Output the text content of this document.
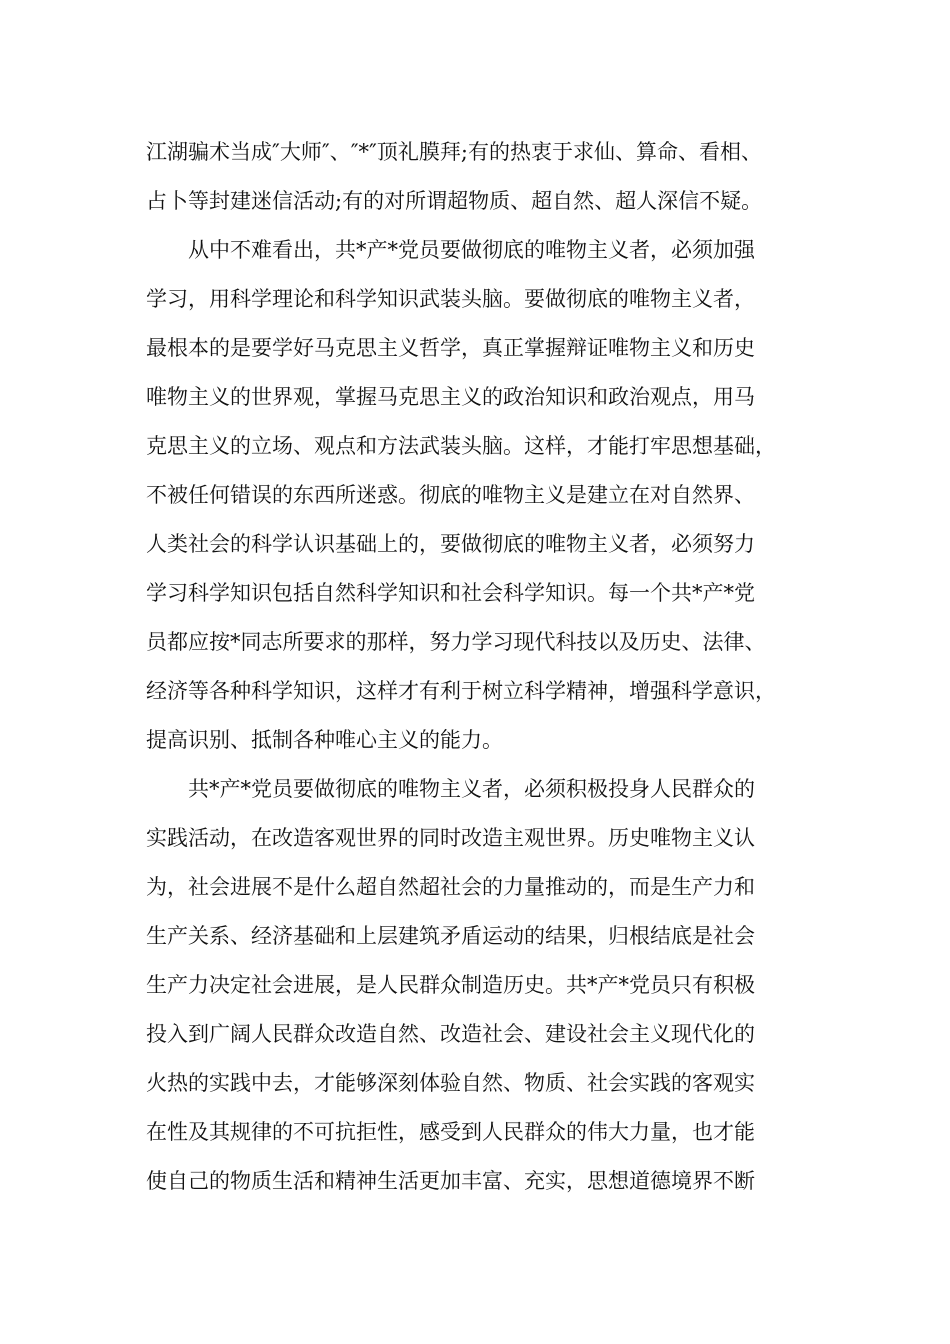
江湖骗术当成″大师″、″*″顶礼膜拜;有的热衷于求仙、算命、看相、
占卜等封建迷信活动;有的对所谓超物质、超自然、超人深信不疑。
　　从中不难看出，共*产*党员要做彻底的唯物主义者，必须加强
学习，用科学理论和科学知识武装头脑。要做彻底的唯物主义者，
最根本的是要学好马克思主义哲学，真正掌握辩证唯物主义和历史
唯物主义的世界观，掌握马克思主义的政治知识和政治观点，用马
克思主义的立场、观点和方法武装头脑。这样，才能打牢思想基础，
不被任何错误的东西所迷惑。彻底的唯物主义是建立在对自然界、
人类社会的科学认识基础上的，要做彻底的唯物主义者，必须努力
学习科学知识包括自然科学知识和社会科学知识。每一个共*产*党
员都应按*同志所要求的那样，努力学习现代科技以及历史、法律、
经济等各种科学知识，这样才有利于树立科学精神，增强科学意识，
提高识别、抵制各种唯心主义的能力。
　　共*产*党员要做彻底的唯物主义者，必须积极投身人民群众的
实践活动，在改造客观世界的同时改造主观世界。历史唯物主义认
为，社会进展不是什么超自然超社会的力量推动的，而是生产力和
生产关系、经济基础和上层建筑矛盾运动的结果，归根结底是社会
生产力决定社会进展，是人民群众制造历史。共*产*党员只有积极
投入到广阔人民群众改造自然、改造社会、建设社会主义现代化的
火热的实践中去，才能够深刻体验自然、物质、社会实践的客观实
在性及其规律的不可抗拒性，感受到人民群众的伟大力量，也才能
使自己的物质生活和精神生活更加丰富、充实，思想道德境界不断
